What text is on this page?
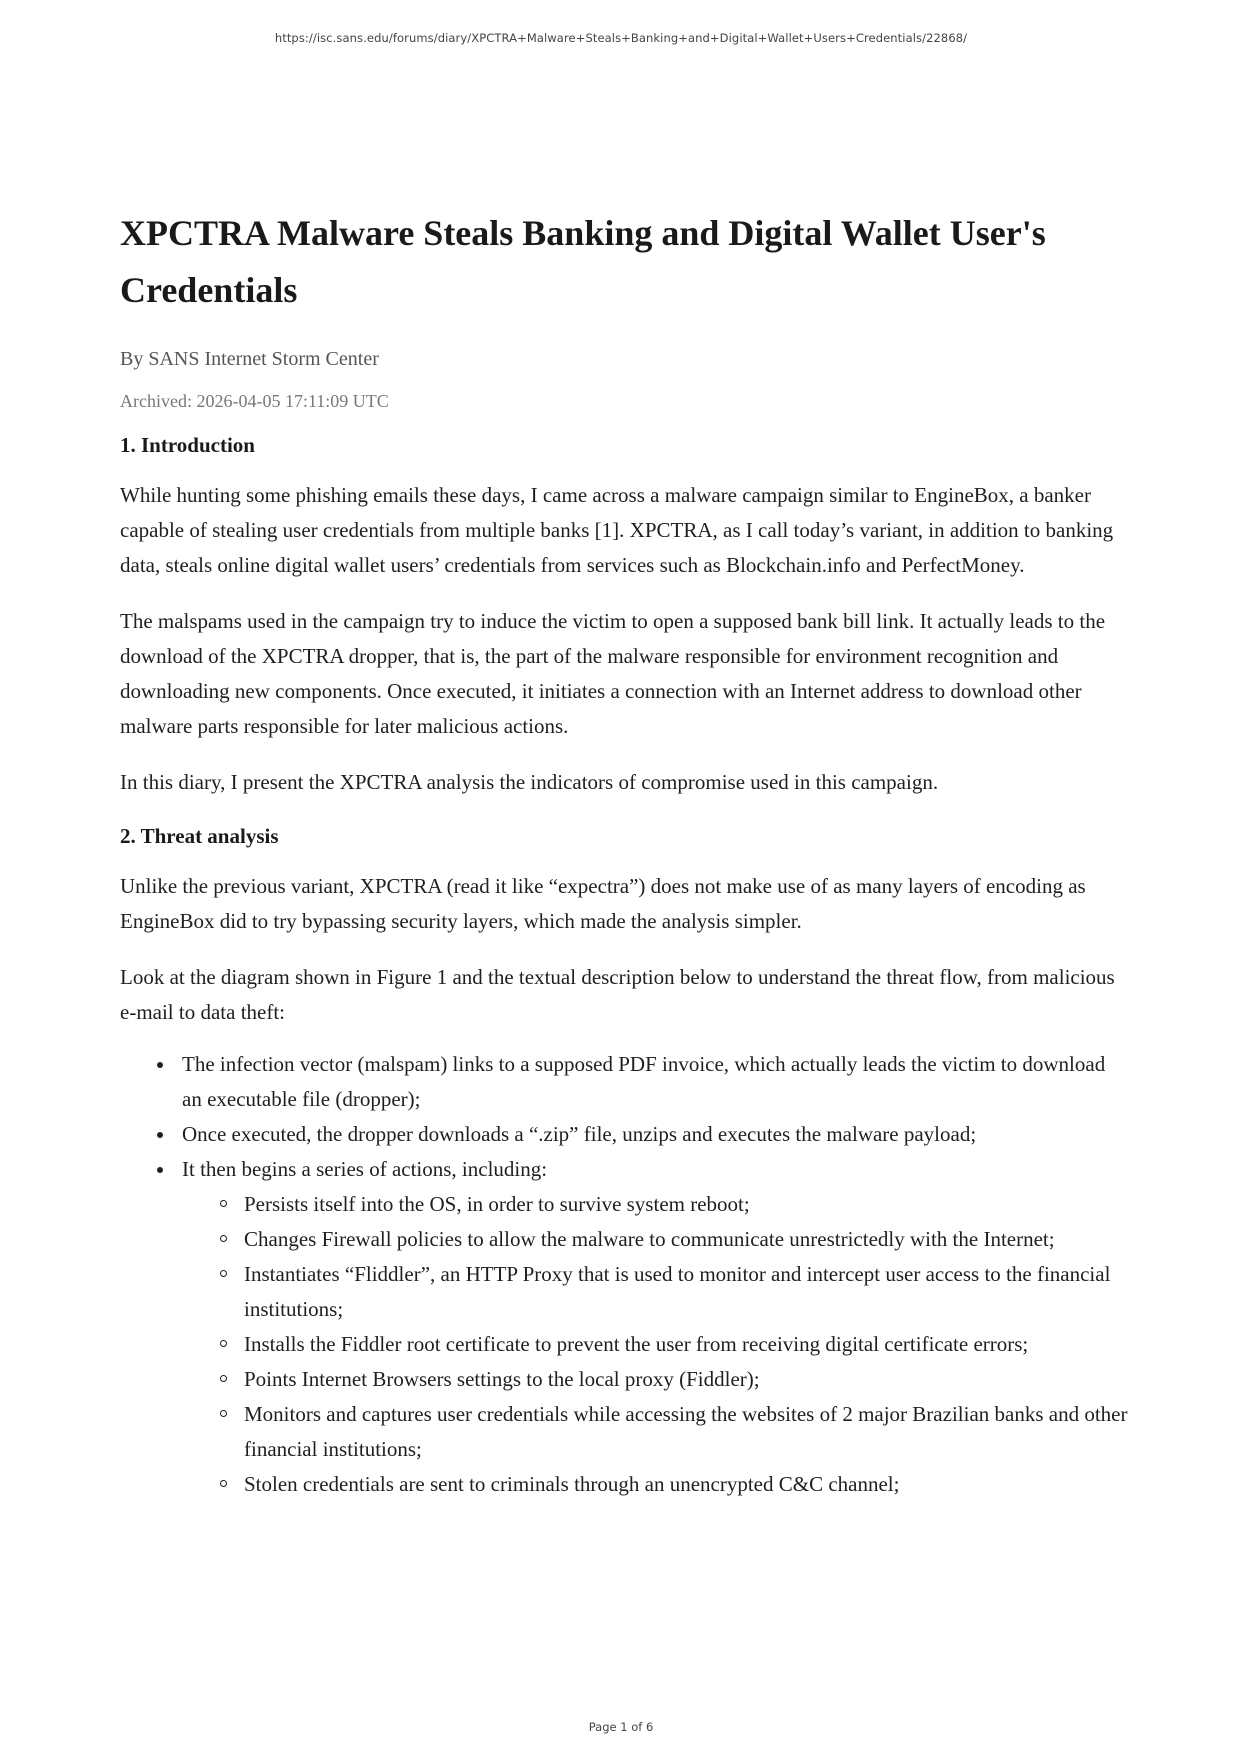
https://isc.sans.edu/forums/diary/XPCTRA+Malware+Steals+Banking+and+Digital+Wallet+Users+Credentials/22868/
XPCTRA Malware Steals Banking and Digital Wallet User's Credentials
By SANS Internet Storm Center
Archived: 2026-04-05 17:11:09 UTC
1. Introduction

While hunting some phishing emails these days, I came across a malware campaign similar to EngineBox, a banker capable of stealing user credentials from multiple banks [1]. XPCTRA, as I call today’s variant, in addition to banking data, steals online digital wallet users’ credentials from services such as Blockchain.info and PerfectMoney.

The malspams used in the campaign try to induce the victim to open a supposed bank bill link. It actually leads to the download of the XPCTRA dropper, that is, the part of the malware responsible for environment recognition and downloading new components. Once executed, it initiates a connection with an Internet address to download other malware parts responsible for later malicious actions.

In this diary, I present the XPCTRA analysis the indicators of compromise used in this campaign.

2. Threat analysis

Unlike the previous variant, XPCTRA (read it like “expectra”) does not make use of as many layers of encoding as EngineBox did to try bypassing security layers, which made the analysis simpler.

Look at the diagram shown in Figure 1 and the textual description below to understand the threat flow, from malicious e-mail to data theft:

The infection vector (malspam) links to a supposed PDF invoice, which actually leads the victim to download an executable file (dropper);
Once executed, the dropper downloads a “.zip” file, unzips and executes the malware payload;
It then begins a series of actions, including:
Persists itself into the OS, in order to survive system reboot;
Changes Firewall policies to allow the malware to communicate unrestrictedly with the Internet;
Instantiates “Fliddler”, an HTTP Proxy that is used to monitor and intercept user access to the financial institutions;
Installs the Fiddler root certificate to prevent the user from receiving digital certificate errors;
Points Internet Browsers settings to the local proxy (Fiddler);
Monitors and captures user credentials while accessing the websites of 2 major Brazilian banks and other financial institutions;
Stolen credentials are sent to criminals through an unencrypted C&C channel;
Page 1 of 6
